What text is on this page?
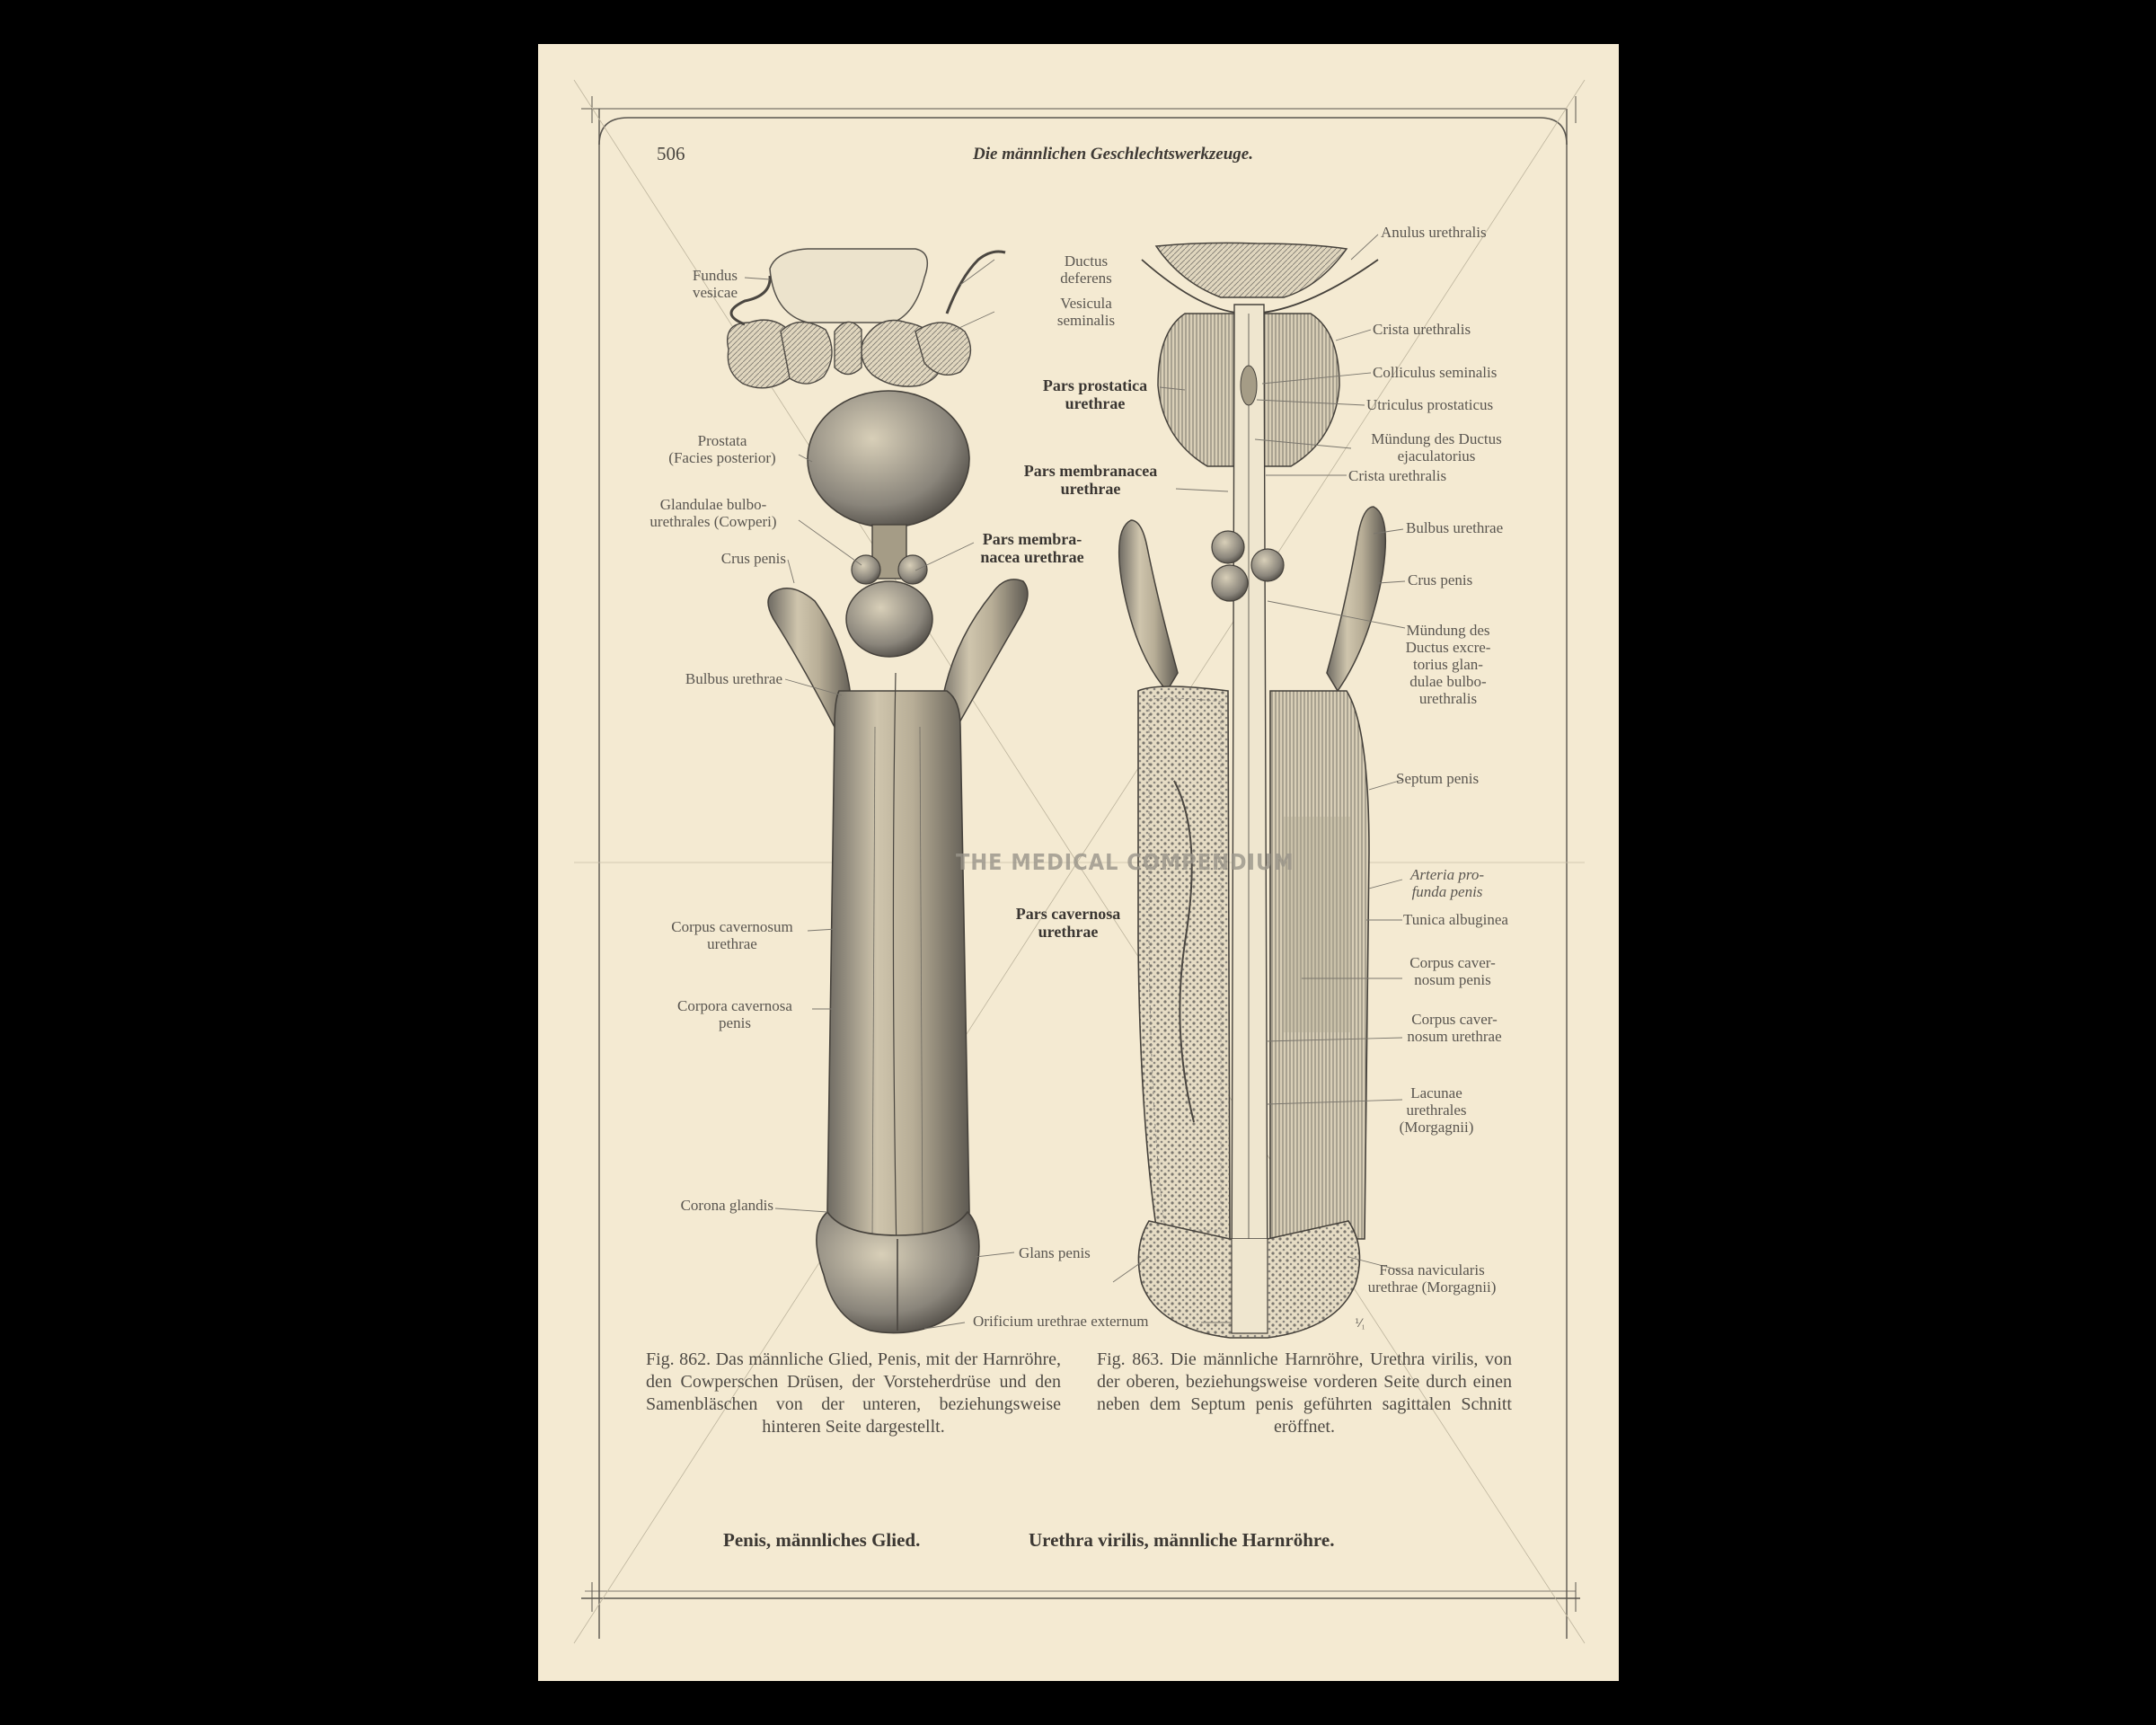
506	Die männlichen Geschlechtswerkzeuge.
Fundus
vesicae
Ductus
deferens
Vesicula
seminalis
Prostata
(Facies posterior)
Glandulae bulbo-
urethrales (Cowperi)
Crus penis
Pars membra-
nacea urethrae
Bulbus urethrae
Corpus cavernosum
urethrae
Corpora cavernosa
penis
Corona glandis
Glans penis
Orificium urethrae externum
Anulus urethralis
Crista urethralis
Colliculus seminalis
Utriculus prostaticus
Mündung des Ductus
ejaculatorius
Crista urethralis
Pars prostatica
urethrae
Pars membranacea
urethrae
Bulbus urethrae
Crus penis
Mündung des
Ductus excre-
torius glan-
dulae bulbo-
urethralis
Septum penis
Arteria pro-
funda penis
Tunica albuginea
Corpus caver-
nosum penis
Corpus caver-
nosum urethrae
Pars cavernosa
urethrae
Lacunae
urethrales
(Morgagnii)
Fossa navicularis
urethrae (Morgagnii)
THE MEDICAL COMPENDIUM
⅟₁
Fig. 862. Das männliche Glied, Penis, mit der Harnröhre, den Cowperschen Drüsen, der Vorsteherdrüse und den Samenbläschen von der unteren, beziehungsweise hinteren Seite dargestellt.
Fig. 863. Die männliche Harnröhre, Urethra virilis, von der oberen, beziehungsweise vorderen Seite durch einen neben dem Septum penis geführten sagittalen Schnitt eröffnet.
Penis, männliches Glied.	Urethra virilis, männliche Harnröhre.
